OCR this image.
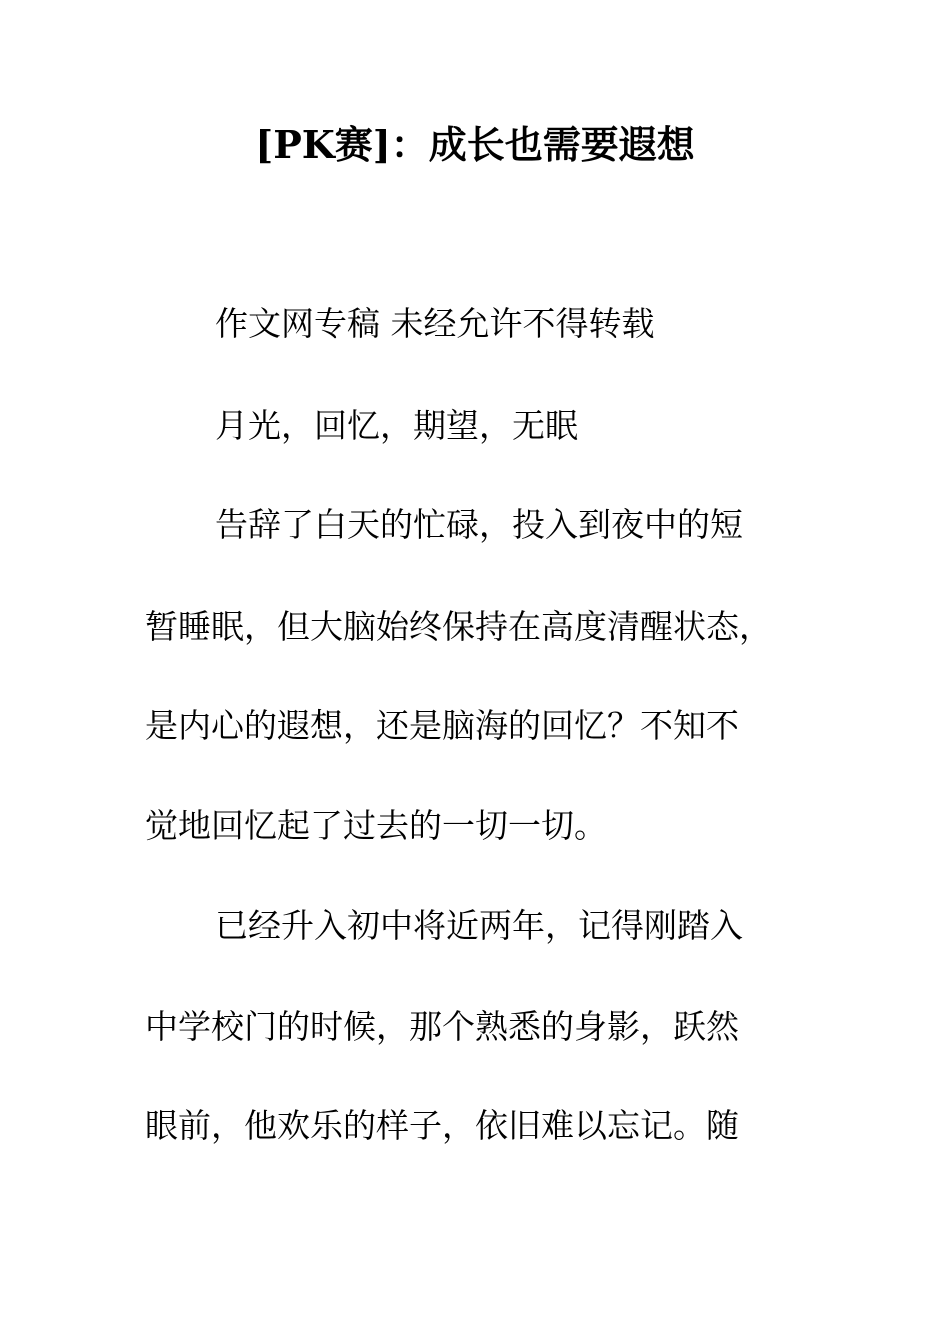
[PK赛]：成长也需要遐想
作文网专稿 未经允许不得转载
月光，回忆，期望，无眠
告辞了白天的忙碌，投入到夜中的短
暂睡眠，但大脑始终保持在高度清醒状态，
是内心的遐想，还是脑海的回忆？不知不
觉地回忆起了过去的一切一切。
已经升入初中将近两年，记得刚踏入
中学校门的时候，那个熟悉的身影，跃然
眼前，他欢乐的样子，依旧难以忘记。随
